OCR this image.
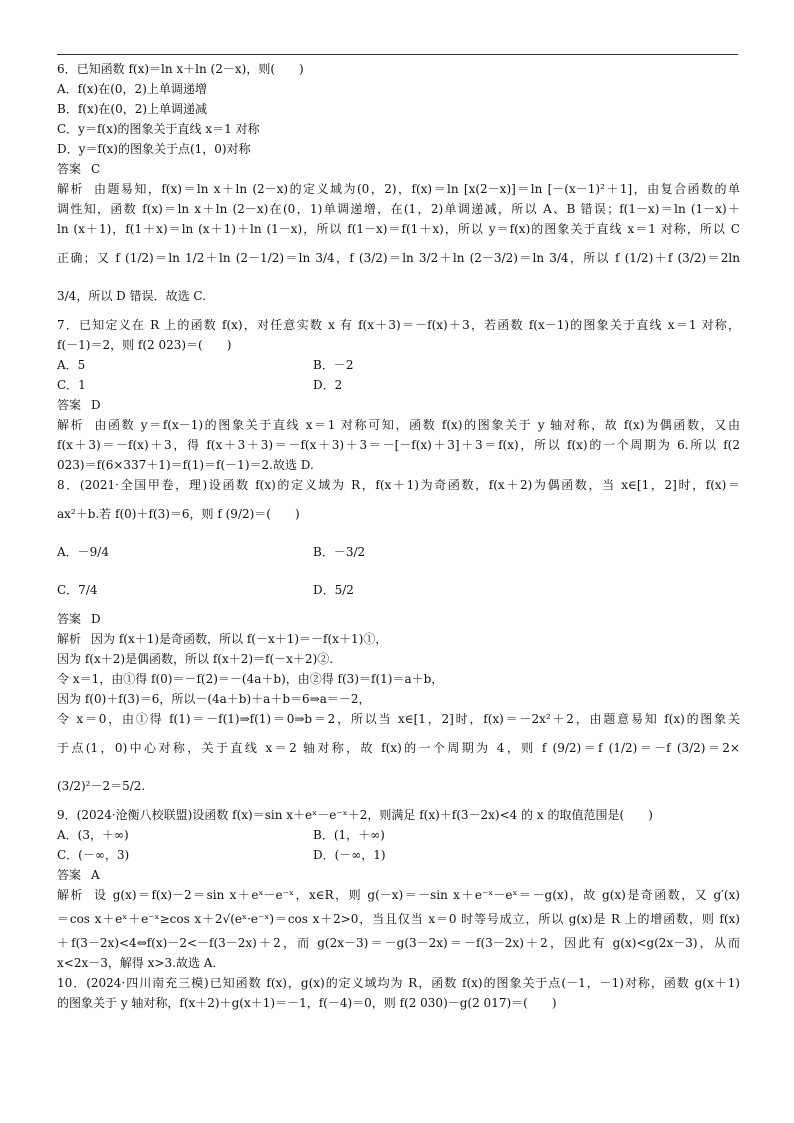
6．已知函数 f(x)＝ln x＋ln (2－x)，则(　　)
A．f(x)在(0，2)上单调递增
B．f(x)在(0，2)上单调递减
C．y＝f(x)的图象关于直线 x＝1 对称
D．y＝f(x)的图象关于点(1，0)对称
答案 C
解析 由题易知，f(x)＝ln x＋ln (2－x)的定义域为(0，2)，f(x)＝ln [x(2－x)]＝ln [－(x－1)²＋1]，由复合函数的单
调性知，函数 f(x)＝ln x＋ln (2－x)在(0，1)单调递增，在(1，2)单调递减，所以 A、B 错误；f(1－x)＝ln (1－x)＋
ln (x＋1)，f(1＋x)＝ln (x＋1)＋ln (1－x)，所以 f(1－x)＝f(1＋x)，所以 y＝f(x)的图象关于直线 x＝1 对称，所以 C
正确；又 f (1/2)＝ln 1/2＋ln (2－1/2)＝ln 3/4，f (3/2)＝ln 3/2＋ln (2－3/2)＝ln 3/4，所以 f (1/2)＋f (3/2)＝2ln
3/4，所以 D 错误．故选 C.
7．已知定义在 R 上的函数 f(x)，对任意实数 x 有 f(x＋3)＝－f(x)＋3，若函数 f(x－1)的图象关于直线 x＝1 对称，
f(－1)＝2，则 f(2 023)＝(　　)
A．5	B．－2
C．1	D．2
答案 D
解析 由函数 y＝f(x－1)的图象关于直线 x＝1 对称可知，函数 f(x)的图象关于 y 轴对称，故 f(x)为偶函数，又由
f(x＋3)＝－f(x)＋3，得 f(x＋3＋3)＝－f(x＋3)＋3＝－[－f(x)＋3]＋3＝f(x)，所以 f(x)的一个周期为 6.所以 f(2
023)＝f(6×337＋1)＝f(1)＝f(－1)＝2.故选 D.
8．(2021·全国甲卷，理)设函数 f(x)的定义域为 R，f(x＋1)为奇函数，f(x＋2)为偶函数，当 x∈[1，2]时，f(x)＝
ax²＋b.若 f(0)＋f(3)＝6，则 f (9/2)＝(　　)
A．－9/4	B．－3/2
C．7/4	D．5/2
答案 D
解析 因为 f(x＋1)是奇函数，所以 f(－x＋1)＝－f(x＋1)①，
因为 f(x＋2)是偶函数，所以 f(x＋2)＝f(－x＋2)②.
令 x＝1，由①得 f(0)＝－f(2)＝－(4a＋b)，由②得 f(3)＝f(1)＝a＋b，
因为 f(0)＋f(3)＝6，所以－(4a＋b)＋a＋b＝6⇒a＝－2，
令 x＝0，由①得 f(1)＝－f(1)⇒f(1)＝0⇒b＝2，所以当 x∈[1，2]时，f(x)＝－2x²＋2，由题意易知 f(x)的图象关
于点(1，0)中心对称，关于直线 x＝2 轴对称，故 f(x)的一个周期为 4，则 f (9/2)＝f (1/2)＝－f (3/2)＝2×
(3/2)²－2＝5/2.
9．(2024·沧衡八校联盟)设函数 f(x)＝sin x＋eˣ－e⁻ˣ＋2，则满足 f(x)＋f(3－2x)<4 的 x 的取值范围是(　　)
A．(3，＋∞)	B．(1，＋∞)
C．(－∞，3)	D．(－∞，1)
答案 A
解析 设 g(x)＝f(x)－2＝sin x＋eˣ－e⁻ˣ，x∈R，则 g(－x)＝－sin x＋e⁻ˣ－eˣ＝－g(x)，故 g(x)是奇函数，又 g′(x)
＝cos x＋eˣ＋e⁻ˣ≥cos x＋2√(eˣ·e⁻ˣ)＝cos x＋2>0，当且仅当 x＝0 时等号成立，所以 g(x)是 R 上的增函数，则 f(x)
＋f(3－2x)<4⇔f(x)－2<－f(3－2x)＋2，而 g(2x－3)＝－g(3－2x)＝－f(3－2x)＋2，因此有 g(x)<g(2x－3)，从而
x<2x－3，解得 x>3.故选 A.
10．(2024·四川南充三模)已知函数 f(x)，g(x)的定义域均为 R，函数 f(x)的图象关于点(－1，－1)对称，函数 g(x＋1)
的图象关于 y 轴对称，f(x＋2)＋g(x＋1)＝－1，f(－4)＝0，则 f(2 030)－g(2 017)＝(　　)
